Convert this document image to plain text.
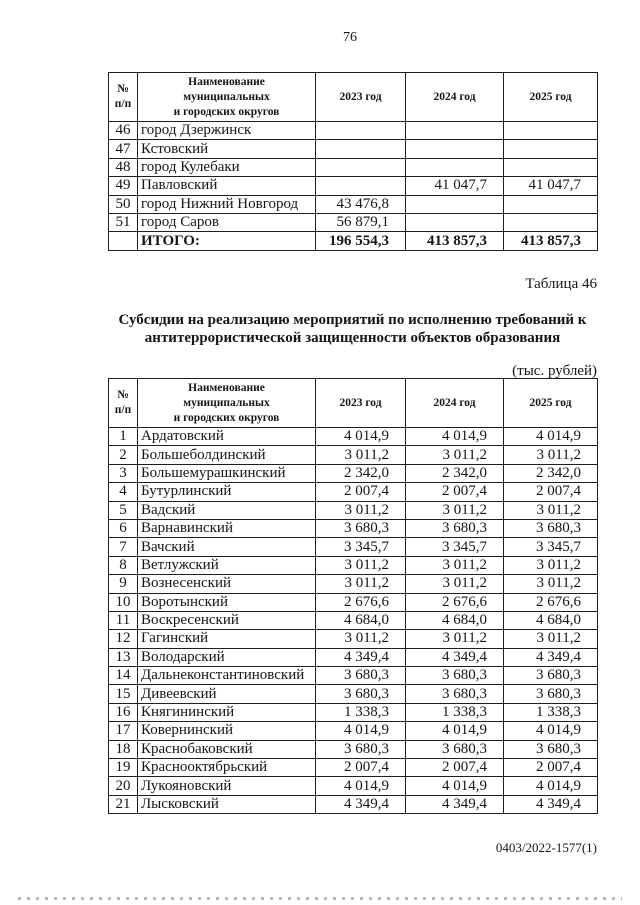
76
№
п/п	Наименование
муниципальных
и городских округов	2023 год	2024 год	2025 год
46	город Дзержинск			
47	Кстовский			
48	город Кулебаки			
49	Павловский		41 047,7	41 047,7
50	город Нижний Новгород	43 476,8		
51	город Саров	56 879,1		
	ИТОГО:	196 554,3	413 857,3	413 857,3
Таблица 46
Субсидии на реализацию мероприятий по исполнению требований к
антитеррористической защищенности объектов образования
(тыс. рублей)
№
п/п	Наименование
муниципальных
и городских округов	2023 год	2024 год	2025 год
1	Ардатовский	4 014,9	4 014,9	4 014,9
2	Большеболдинский	3 011,2	3 011,2	3 011,2
3	Большемурашкинский	2 342,0	2 342,0	2 342,0
4	Бутурлинский	2 007,4	2 007,4	2 007,4
5	Вадский	3 011,2	3 011,2	3 011,2
6	Варнавинский	3 680,3	3 680,3	3 680,3
7	Вачский	3 345,7	3 345,7	3 345,7
8	Ветлужский	3 011,2	3 011,2	3 011,2
9	Вознесенский	3 011,2	3 011,2	3 011,2
10	Воротынский	2 676,6	2 676,6	2 676,6
11	Воскресенский	4 684,0	4 684,0	4 684,0
12	Гагинский	3 011,2	3 011,2	3 011,2
13	Володарский	4 349,4	4 349,4	4 349,4
14	Дальнеконстантиновский	3 680,3	3 680,3	3 680,3
15	Дивеевский	3 680,3	3 680,3	3 680,3
16	Княгининский	1 338,3	1 338,3	1 338,3
17	Ковернинский	4 014,9	4 014,9	4 014,9
18	Краснобаковский	3 680,3	3 680,3	3 680,3
19	Краснооктябрьский	2 007,4	2 007,4	2 007,4
20	Лукояновский	4 014,9	4 014,9	4 014,9
21	Лысковский	4 349,4	4 349,4	4 349,4
0403/2022-1577(1)
